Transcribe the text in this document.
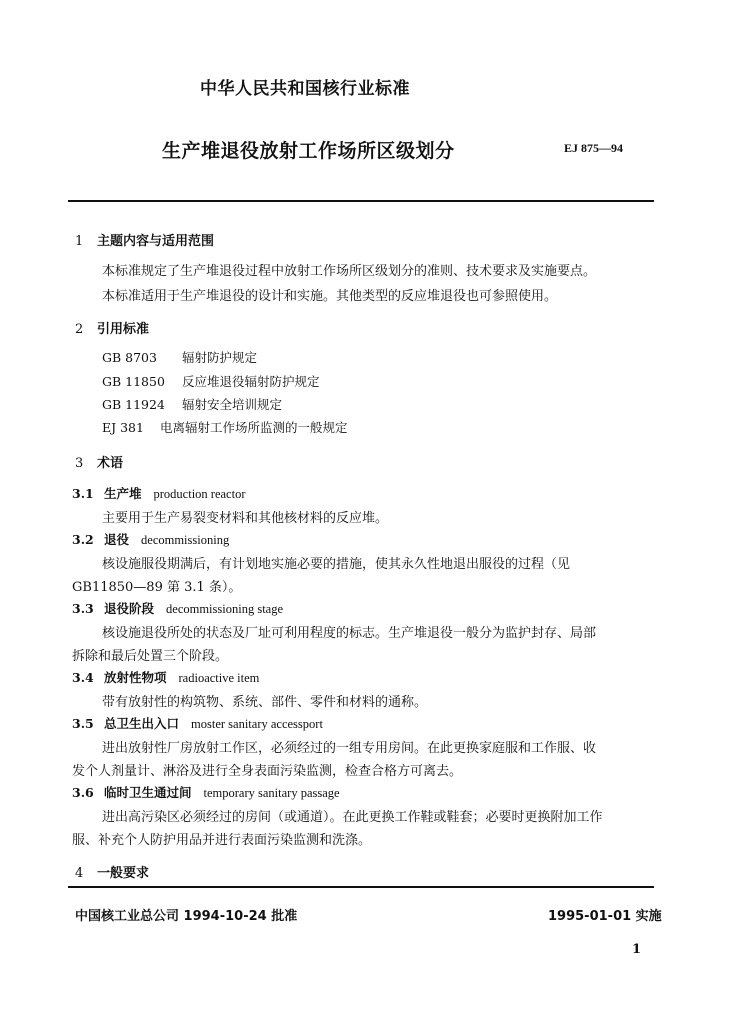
中华人民共和国核行业标准
生产堆退役放射工作场所区级划分	EJ 875—94
1 主题内容与适用范围
本标准规定了生产堆退役过程中放射工作场所区级划分的准则、技术要求及实施要点。
本标准适用于生产堆退役的设计和实施。其他类型的反应堆退役也可参照使用。
2 引用标准
GB 8703 辐射防护规定
GB 11850 反应堆退役辐射防护规定
GB 11924 辐射安全培训规定
EJ 381 电离辐射工作场所监测的一般规定
3 术语
3.1 生产堆 production reactor
主要用于生产易裂变材料和其他核材料的反应堆。
3.2 退役 decommissioning
核设施服役期满后，有计划地实施必要的措施，使其永久性地退出服役的过程（见
GB11850—89 第 3.1 条）。
3.3 退役阶段 decommissioning stage
核设施退役所处的状态及厂址可利用程度的标志。生产堆退役一般分为监护封存、局部
拆除和最后处置三个阶段。
3.4 放射性物项 radioactive item
带有放射性的构筑物、系统、部件、零件和材料的通称。
3.5 总卫生出入口 moster sanitary accessport
进出放射性厂房放射工作区，必须经过的一组专用房间。在此更换家庭服和工作服、收
发个人剂量计、淋浴及进行全身表面污染监测，检查合格方可离去。
3.6 临时卫生通过间 temporary sanitary passage
进出高污染区必须经过的房间（或通道）。在此更换工作鞋或鞋套；必要时更换附加工作
服、补充个人防护用品并进行表面污染监测和洗涤。
4 一般要求
中国核工业总公司 1994-10-24 批准	1995-01-01 实施
1
